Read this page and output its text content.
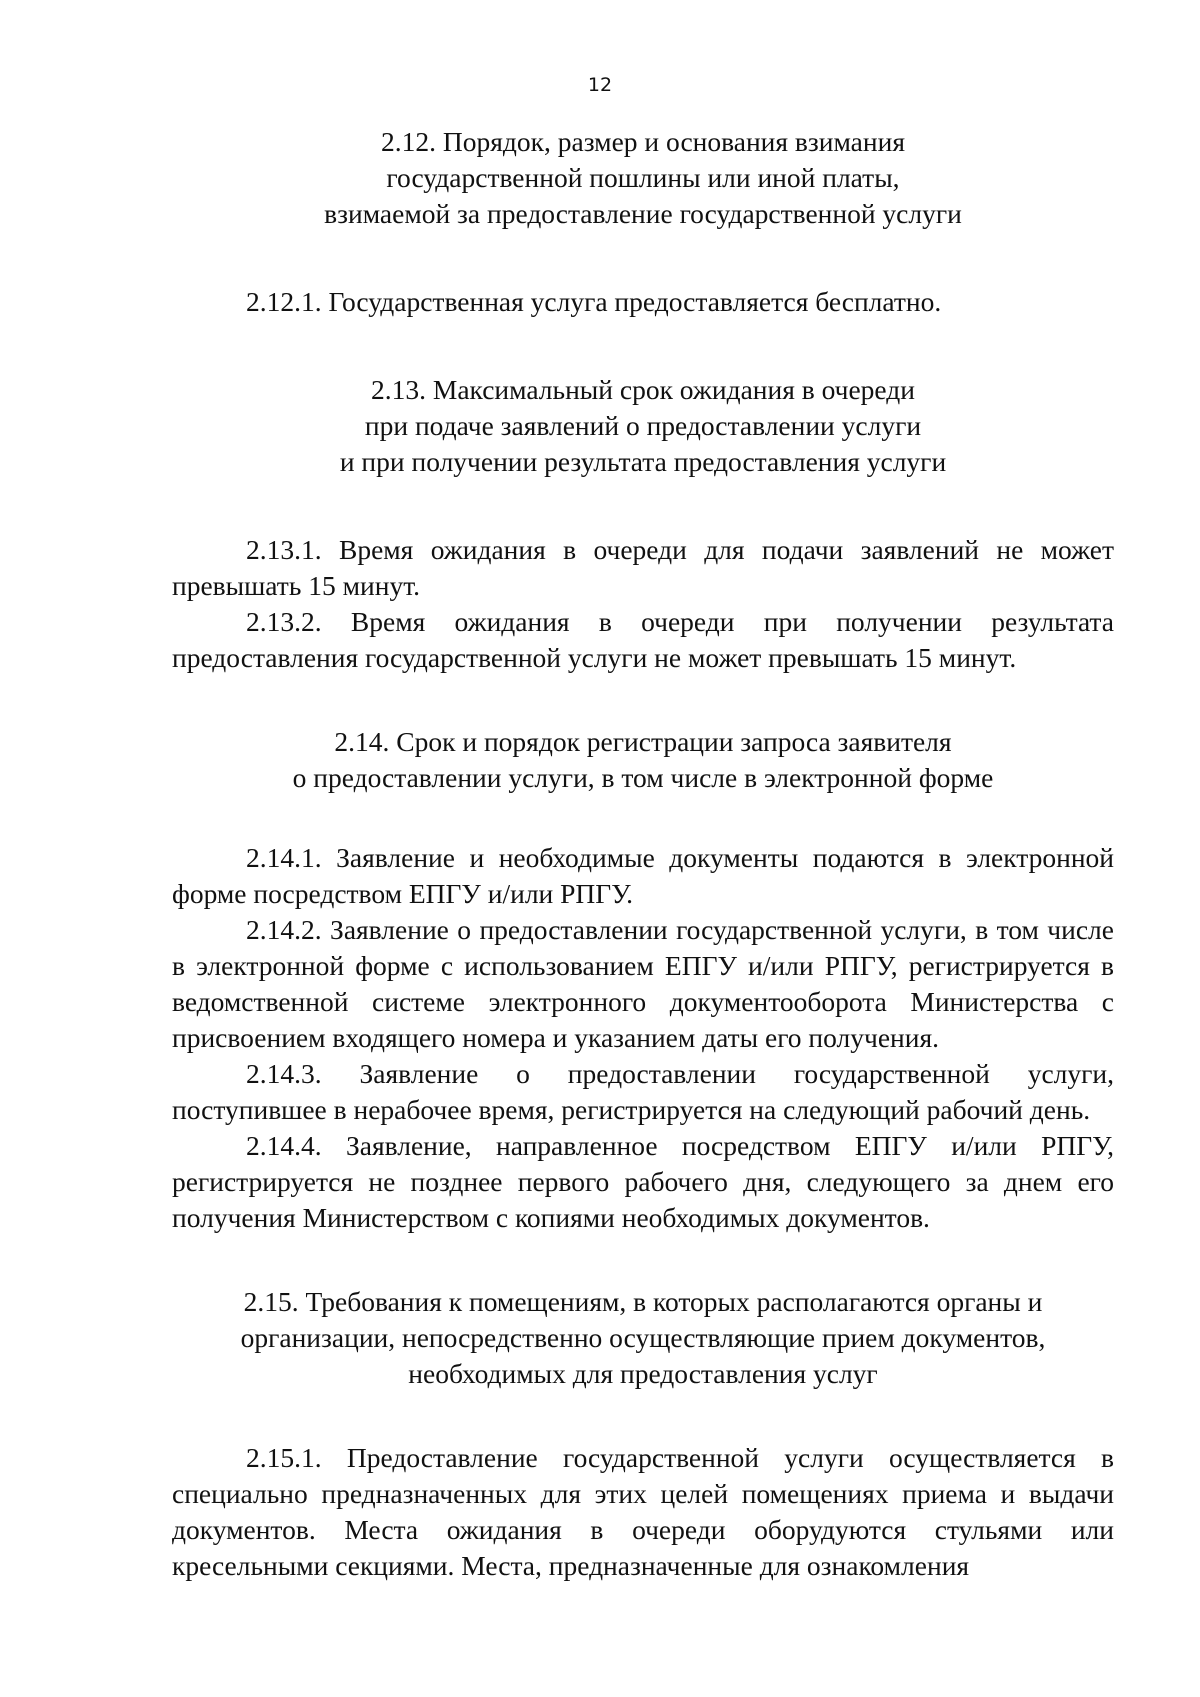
12
2.12. Порядок, размер и основания взимания
государственной пошлины или иной платы,
взимаемой за предоставление государственной услуги

2.12.1. Государственная услуга предоставляется бесплатно.

2.13. Максимальный срок ожидания в очереди
при подаче заявлений о предоставлении услуги
и при получении результата предоставления услуги

2.13.1. Время ожидания в очереди для подачи заявлений не может превышать 15 минут.

2.13.2. Время ожидания в очереди при получении результата предоставления государственной услуги не может превышать 15 минут.

2.14. Срок и порядок регистрации запроса заявителя
о предоставлении услуги, в том числе в электронной форме

2.14.1. Заявление и необходимые документы подаются в электронной форме посредством ЕПГУ и/или РПГУ.

2.14.2. Заявление о предоставлении государственной услуги, в том числе в электронной форме с использованием ЕПГУ и/или РПГУ, регистрируется в ведомственной системе электронного документооборота Министерства с присвоением входящего номера и указанием даты его получения.

2.14.3. Заявление о предоставлении государственной услуги, поступившее в нерабочее время, регистрируется на следующий рабочий день.

2.14.4. Заявление, направленное посредством ЕПГУ и/или РПГУ, регистрируется не позднее первого рабочего дня, следующего за днем его получения Министерством с копиями необходимых документов.

2.15. Требования к помещениям, в которых располагаются органы и
организации, непосредственно осуществляющие прием документов,
необходимых для предоставления услуг

2.15.1. Предоставление государственной услуги осуществляется в специально предназначенных для этих целей помещениях приема и выдачи документов. Места ожидания в очереди оборудуются стульями или кресельными секциями. Места, предназначенные для ознакомления
